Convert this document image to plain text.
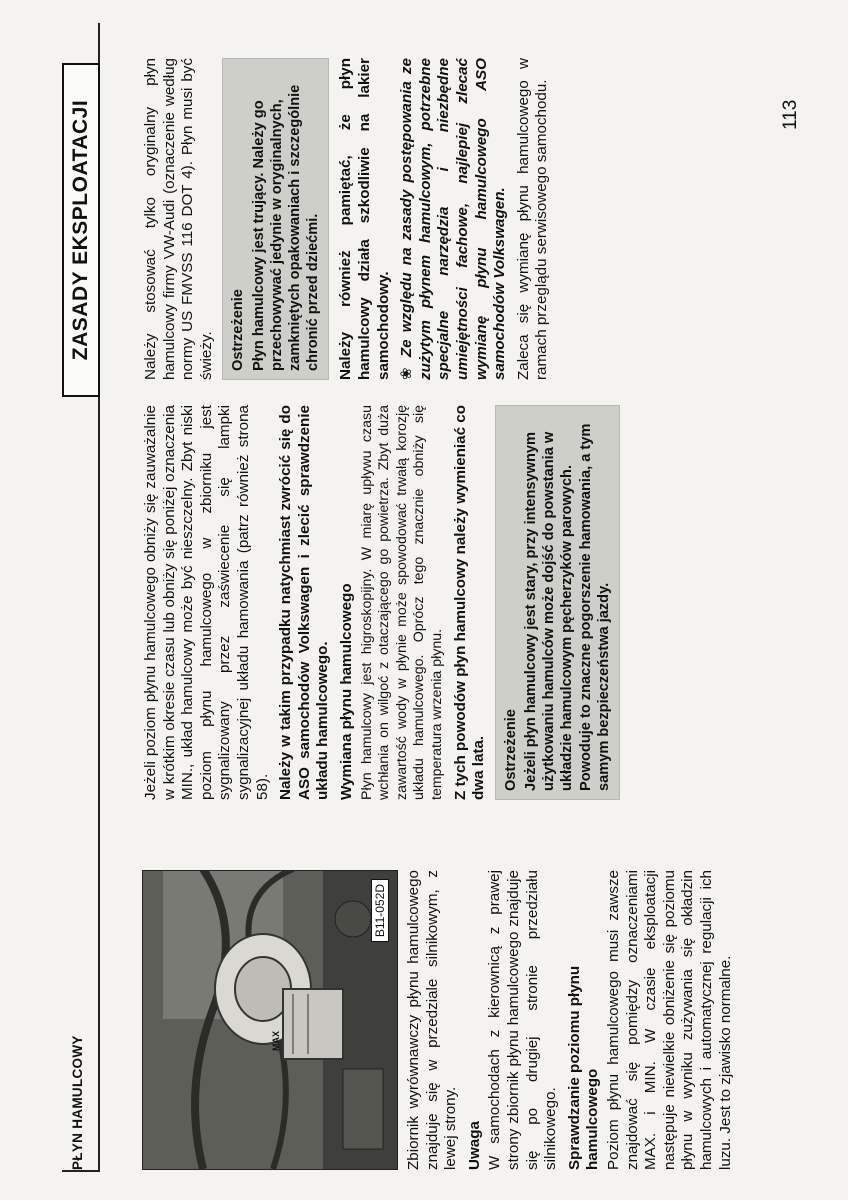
PŁYN HAMULCOWY
ZASADY EKSPLOATACJI

Zbiornik wyrównawczy płynu hamulcowego znajduje się w przedziale silnikowym, z lewej strony. Uwaga W samochodach z kierownicą z prawej strony zbiornik płynu hamulcowego znajduje się po drugiej stronie przedziału silnikowego. Sprawdzanie poziomu płynu hamulcowego Poziom płynu hamulcowego musi zawsze znajdować się pomiędzy oznaczeniami MAX. i MIN. W czasie eksploatacji następuje niewielkie obniżenie się poziomu płynu w wyniku zużywania się okładzin hamulcowych i automatycznej regulacji ich luzu. Jest to zjawisko normalne.

MAX
B11-052D

Jeżeli poziom płynu hamulcowego obniży się zauważalnie w krótkim okresie czasu lub obniży się poniżej oznaczenia MIN., układ hamulcowy może być nieszczelny. Zbyt niski poziom płynu hamulcowego w zbiorniku jest sygnalizowany przez zaświecenie się lampki sygnalizacyjnej układu hamowania (patrz również strona 58). Należy w takim przypadku natychmiast zwrócić się do ASO samochodów Volkswagen i zlecić sprawdzenie układu hamulcowego. Wymiana płynu hamulcowego Płyn hamulcowy jest higroskopijny. W miarę upływu czasu wchłania on wilgoć z otaczającego go powietrza. Zbyt duża zawartość wody w płynie może spowodować trwałą korozję układu hamulcowego. Oprócz tego znacznie obniży się temperatura wrzenia płynu. Z tych powodów płyn hamulcowy należy wymieniać co dwa lata. Ostrzeżenie Jeżeli płyn hamulcowy jest stary, przy intensywnym użytkowaniu hamulców może dojść do powstania w układzie hamulcowym pęcherzyków parowych. Powoduje to znaczne pogorszenie hamowania, a tym samym bezpieczeństwa jazdy.

Należy stosować tylko oryginalny płyn hamulcowy firmy VW-Audi (oznaczenie według normy US FMVSS 116 DOT 4). Płyn musi być świeży. Ostrzeżenie Płyn hamulcowy jest trujący. Należy go przechowywać jedynie w oryginalnych, zamkniętych opakowaniach i szczególnie chronić przed dziećmi. Należy również pamiętać, że płyn hamulcowy działa szkodliwie na lakier samochodowy. ❀ Ze względu na zasady postępowania ze zużytym płynem hamulcowym, potrzebne specjalne narzędzia i niezbędne umiejętności fachowe, najlepiej zlecać wymianę płynu hamulcowego ASO samochodów Volkswagen. Zaleca się wymianę płynu hamulcowego w ramach przeglądu serwisowego samochodu.	113
